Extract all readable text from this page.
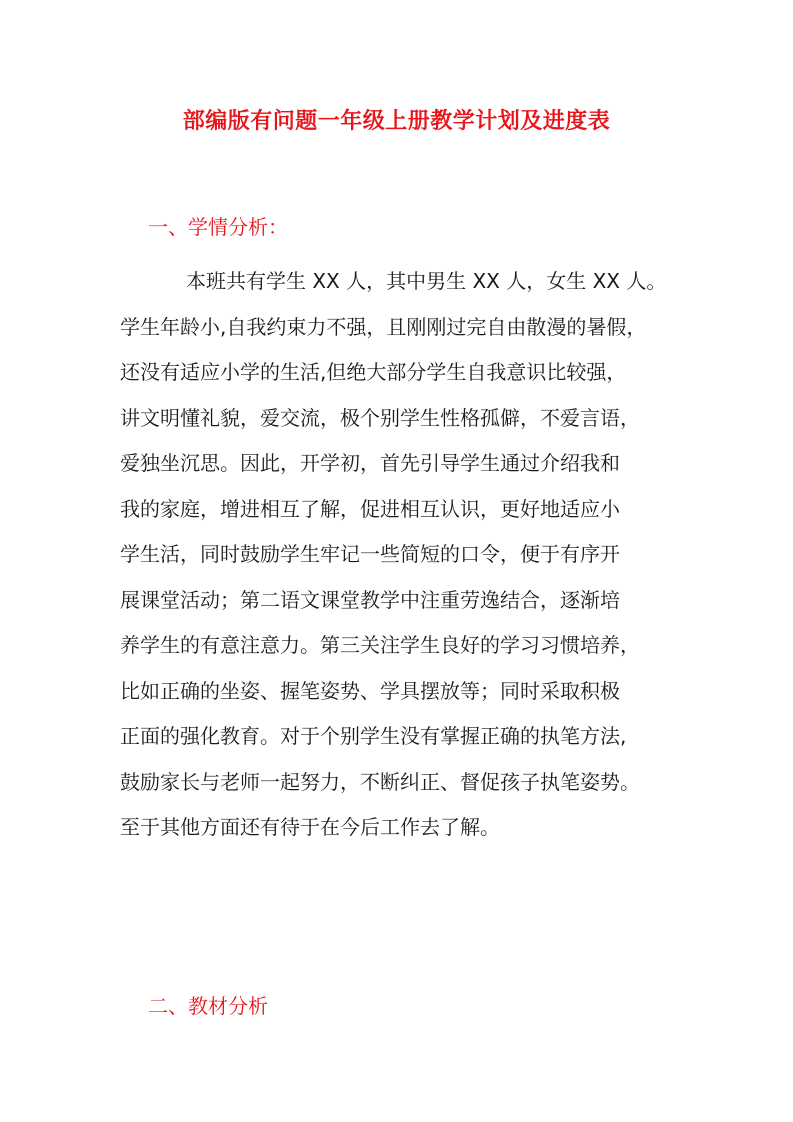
部编版有问题一年级上册教学计划及进度表
一、学情分析：
本班共有学生 XX 人，其中男生 XX 人，女生 XX 人。
学生年龄小,自我约束力不强，且刚刚过完自由散漫的暑假，
还没有适应小学的生活,但绝大部分学生自我意识比较强，
讲文明懂礼貌，爱交流，极个别学生性格孤僻，不爱言语，
爱独坐沉思。因此，开学初，首先引导学生通过介绍我和
我的家庭，增进相互了解，促进相互认识，更好地适应小
学生活，同时鼓励学生牢记一些简短的口令，便于有序开
展课堂活动；第二语文课堂教学中注重劳逸结合，逐渐培
养学生的有意注意力。第三关注学生良好的学习习惯培养，
比如正确的坐姿、握笔姿势、学具摆放等；同时采取积极
正面的强化教育。对于个别学生没有掌握正确的执笔方法,
鼓励家长与老师一起努力，不断纠正、督促孩子执笔姿势。
至于其他方面还有待于在今后工作去了解。
二、教材分析
